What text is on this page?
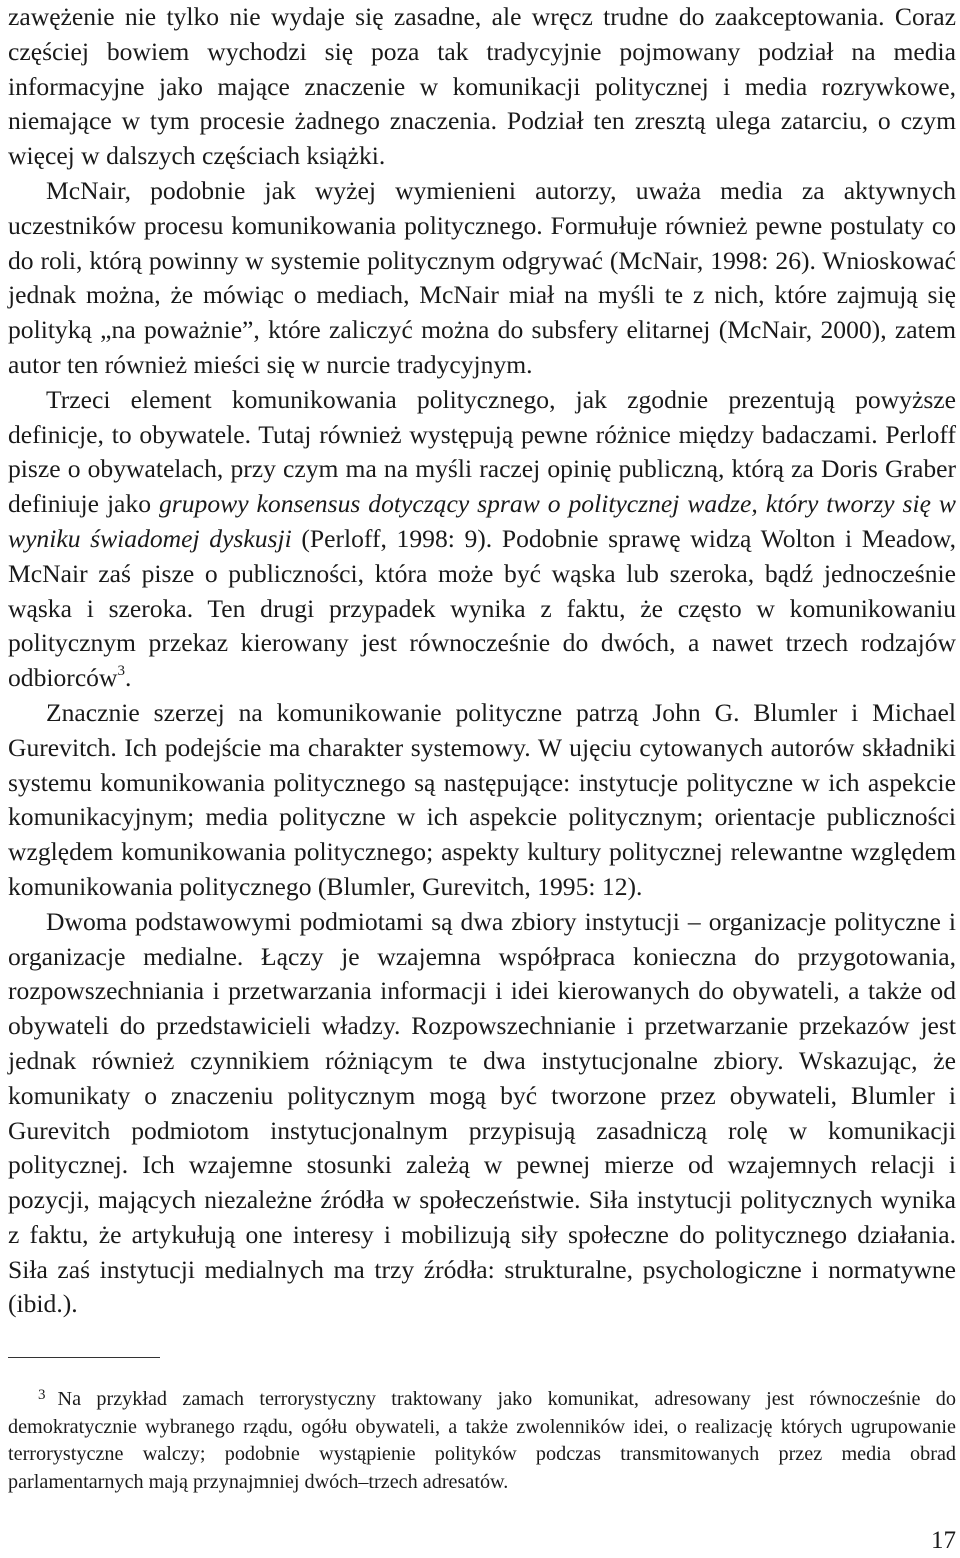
zawężenie nie tylko nie wydaje się zasadne, ale wręcz trudne do zaakceptowania. Coraz częściej bowiem wychodzi się poza tak tradycyjnie pojmowany podział na media informacyjne jako mające znaczenie w komunikacji politycznej i media rozrywkowe, niemające w tym procesie żadnego znaczenia. Podział ten zresztą ulega zatarciu, o czym więcej w dalszych częściach książki.

McNair, podobnie jak wyżej wymienieni autorzy, uważa media za aktywnych uczestników procesu komunikowania politycznego. Formułuje również pewne postulaty co do roli, którą powinny w systemie politycznym odgrywać (McNair, 1998: 26). Wnioskować jednak można, że mówiąc o mediach, McNair miał na myśli te z nich, które zajmują się polityką „na poważnie”, które zaliczyć można do subsfery elitarnej (McNair, 2000), zatem autor ten również mieści się w nurcie tradycyjnym.

Trzeci element komunikowania politycznego, jak zgodnie prezentują powyższe definicje, to obywatele. Tutaj również występują pewne różnice między badaczami. Perloff pisze o obywatelach, przy czym ma na myśli raczej opinię publiczną, którą za Doris Graber definiuje jako grupowy konsensus dotyczący spraw o politycznej wadze, który tworzy się w wyniku świadomej dyskusji (Perloff, 1998: 9). Podobnie sprawę widzą Wolton i Meadow, McNair zaś pisze o publiczności, która może być wąska lub szeroka, bądź jednocześnie wąska i szeroka. Ten drugi przypadek wynika z faktu, że często w komunikowaniu politycznym przekaz kierowany jest równocześnie do dwóch, a nawet trzech rodzajów odbiorców$^3$.

Znacznie szerzej na komunikowanie polityczne patrzą John G. Blumler i Michael Gurevitch. Ich podejście ma charakter systemowy. W ujęciu cytowanych autorów składniki systemu komunikowania politycznego są następujące: instytucje polityczne w ich aspekcie komunikacyjnym; media polityczne w ich aspekcie politycznym; orientacje publiczności względem komunikowania politycznego; aspekty kultury politycznej relewantne względem komunikowania politycznego (Blumler, Gurevitch, 1995: 12).

Dwoma podstawowymi podmiotami są dwa zbiory instytucji – organizacje polityczne i organizacje medialne. Łączy je wzajemna współpraca konieczna do przygotowania, rozpowszechniania i przetwarzania informacji i idei kierowanych do obywateli, a także od obywateli do przedstawicieli władzy. Rozpowszechnianie i przetwarzanie przekazów jest jednak również czynnikiem różniącym te dwa instytucjonalne zbiory. Wskazując, że komunikaty o znaczeniu politycznym mogą być tworzone przez obywateli, Blumler i Gurevitch podmiotom instytucjonalnym przypisują zasadniczą rolę w komunikacji politycznej. Ich wzajemne stosunki zależą w pewnej mierze od wzajemnych relacji i pozycji, mających niezależne źródła w społeczeństwie. Siła instytucji politycznych wynika z faktu, że artykułują one interesy i mobilizują siły społeczne do politycznego działania. Siła zaś instytucji medialnych ma trzy źródła: strukturalne, psychologiczne i normatywne (ibid.).

$^3$ Na przykład zamach terrorystyczny traktowany jako komunikat, adresowany jest równocześnie do demokratycznie wybranego rządu, ogółu obywateli, a także zwolenników idei, o realizację których ugrupowanie terrorystyczne walczy; podobnie wystąpienie polityków podczas transmitowanych przez media obrad parlamentarnych mają przynajmniej dwóch–trzech adresatów.
17
